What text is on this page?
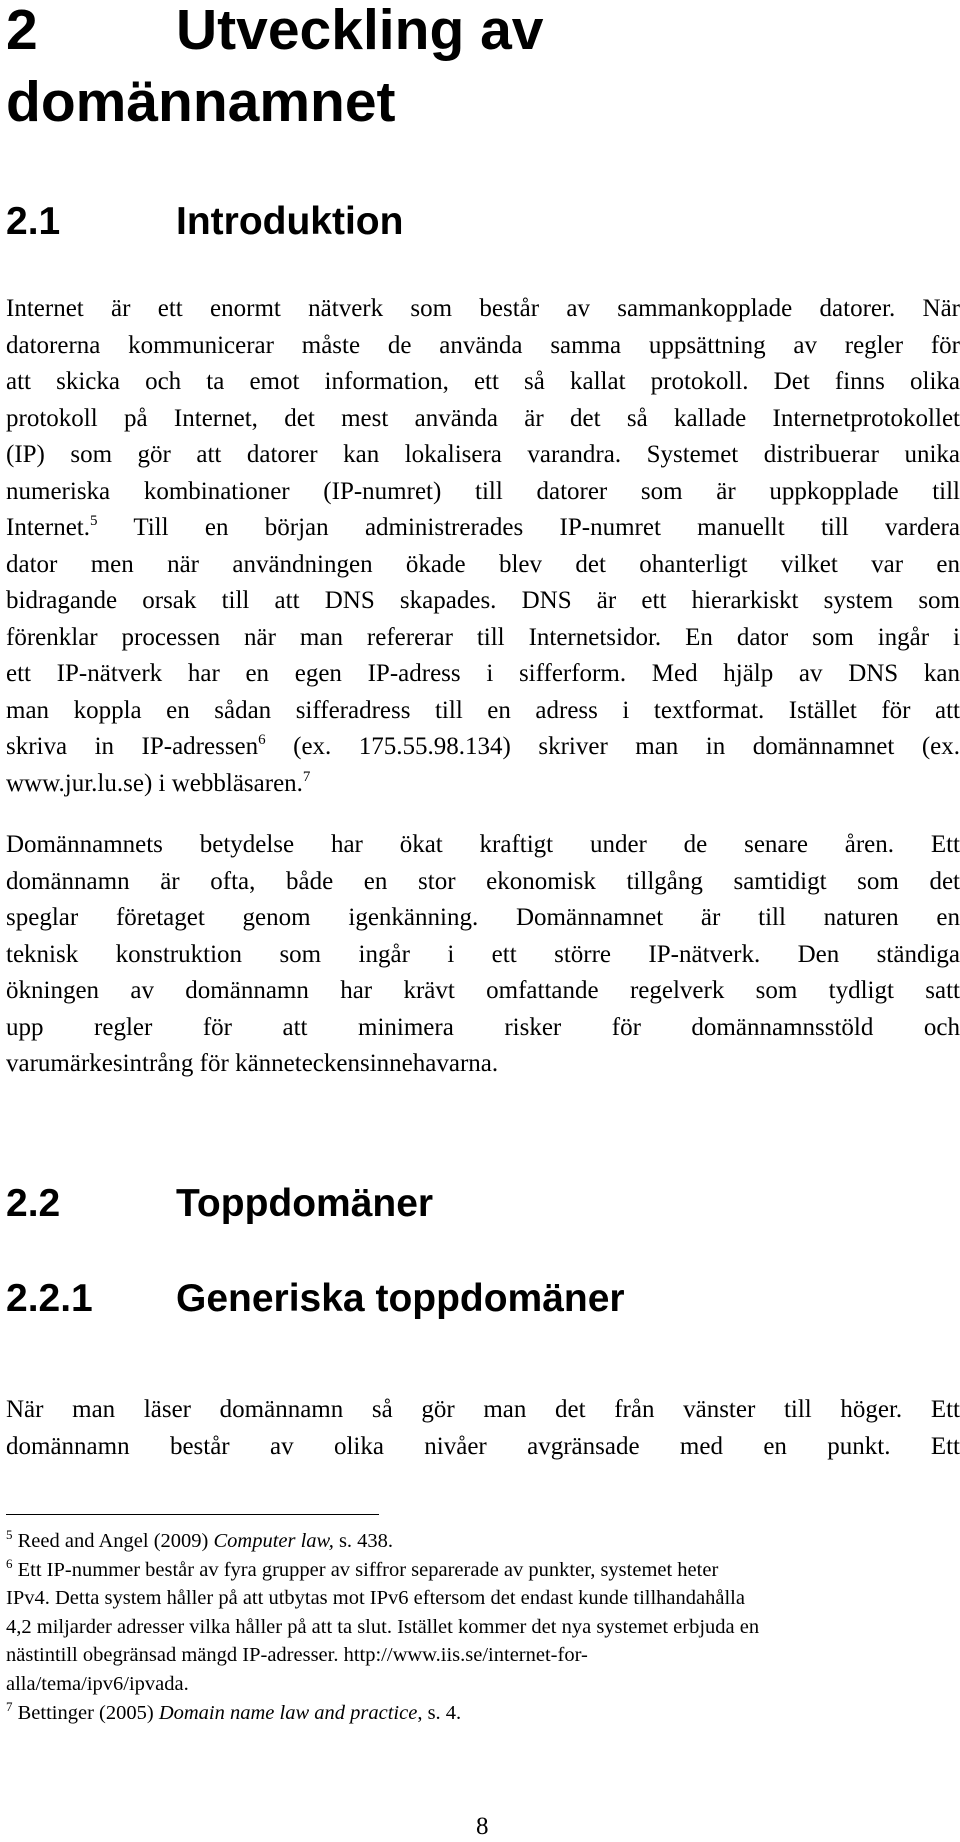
2 Utveckling av
domännamnet
2.1	Introduktion

Internet är ett enormt nätverk som består av sammankopplade datorer. När
datorerna kommunicerar måste de använda samma uppsättning av regler för
att skicka och ta emot information, ett så kallat protokoll. Det finns olika
protokoll på Internet, det mest använda är det så kallade Internetprotokollet
(IP) som gör att datorer kan lokalisera varandra. Systemet distribuerar unika
numeriska kombinationer (IP-numret) till datorer som är uppkopplade till
Internet.$^5$ Till en början administrerades IP-numret manuellt till vardera
dator men när användningen ökade blev det ohanterligt vilket var en
bidragande orsak till att DNS skapades. DNS är ett hierarkiskt system som
förenklar processen när man refererar till Internetsidor. En dator som ingår i
ett IP-nätverk har en egen IP-adress i sifferform. Med hjälp av DNS kan
man koppla en sådan sifferadress till en adress i textformat. Istället för att
skriva in IP-adressen$^6$ (ex. 175.55.98.134) skriver man in domännamnet (ex.
www.jur.lu.se) i webbläsaren.$^7$

Domännamnets betydelse har ökat kraftigt under de senare åren. Ett
domännamn är ofta, både en stor ekonomisk tillgång samtidigt som det
speglar företaget genom igenkänning. Domännamnet är till naturen en
teknisk konstruktion som ingår i ett större IP-nätverk. Den ständiga
ökningen av domännamn har krävt omfattande regelverk som tydligt satt
upp regler för att minimera risker för domännamnsstöld och
varumärkesintrång för känneteckensinnehavarna.

2.2	Toppdomäner
2.2.1 Generiska toppdomäner

När man läser domännamn så gör man det från vänster till höger. Ett
domännamn består av olika nivåer avgränsade med en punkt. Ett

$^5$ Reed and Angel (2009) Computer law, s. 438.
$^6$ Ett IP-nummer består av fyra grupper av siffror separerade av punkter, systemet heter
IPv4. Detta system håller på att utbytas mot IPv6 eftersom det endast kunde tillhandahålla
4,2 miljarder adresser vilka håller på att ta slut. Istället kommer det nya systemet erbjuda en
nästintill obegränsad mängd IP-adresser. http://www.iis.se/internet-for-
alla/tema/ipv6/ipvada.
$^7$ Bettinger (2005) Domain name law and practice, s. 4.
8
